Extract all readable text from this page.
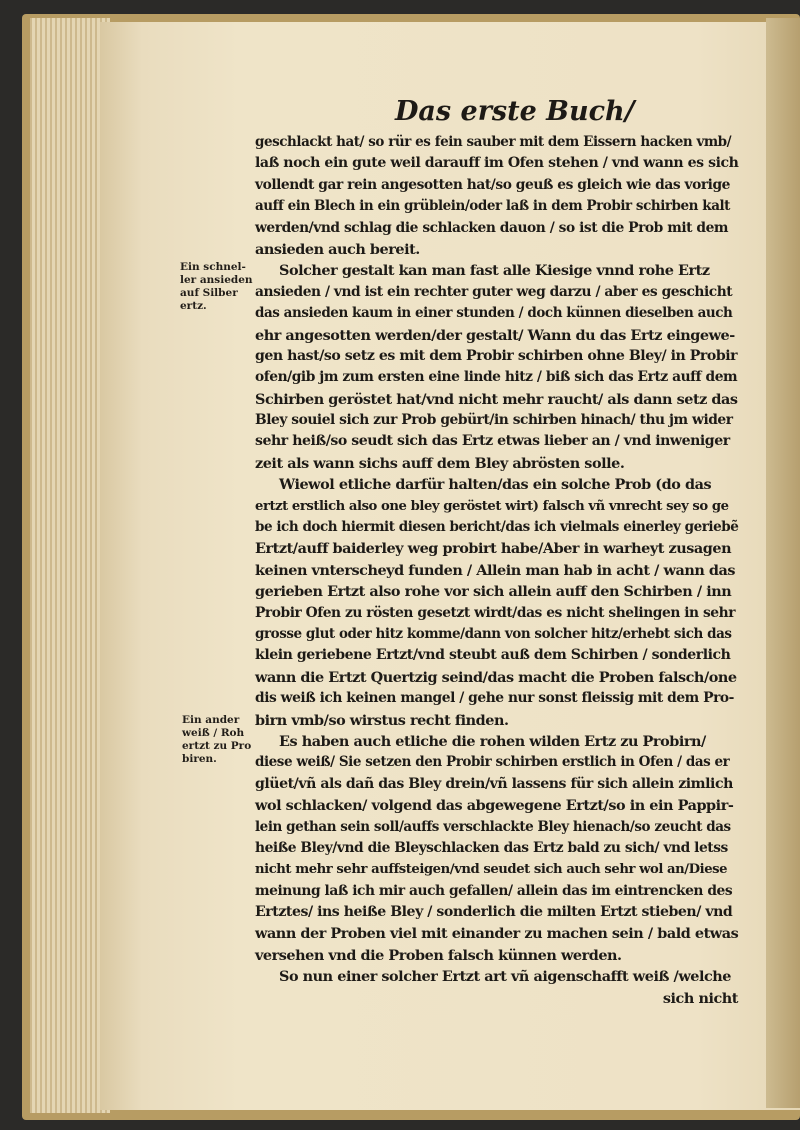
Das erste Buch/
Ein schnel-
ler ansieden
auf Silber
ertz.
Ein ander
weiß / Roh
ertzt zu Pro
biren.

geschlackt hat/ so rür es fein sauber mit dem Eissern hacken vmb/

laß noch ein gute weil darauff im Ofen stehen / vnd wann es sich

vollendt gar rein angesotten hat/so geuß es gleich wie das vorige

auff ein Blech in ein grüblein/oder laß in dem Probir schirben kalt

werden/vnd schlag die schlacken dauon / so ist die Prob mit dem

ansieden auch bereit.

Solcher gestalt kan man fast alle Kiesige vnnd rohe Ertz

ansieden / vnd ist ein rechter guter weg darzu / aber es geschicht

das ansieden kaum in einer stunden / doch künnen dieselben auch

ehr angesotten werden/der gestalt/ Wann du das Ertz eingewe-

gen hast/so setz es mit dem Probir schirben ohne Bley/ in Probir

ofen/gib jm zum ersten eine linde hitz / biß sich das Ertz auff dem

Schirben geröstet hat/vnd nicht mehr raucht/ als dann setz das

Bley souiel sich zur Prob gebürt/in schirben hinach/ thu jm wider

sehr heiß/so seudt sich das Ertz etwas lieber an / vnd inweniger

zeit als wann sichs auff dem Bley abrösten solle.

Wiewol etliche darfür halten/das ein solche Prob (do das

ertzt erstlich also one bley geröstet wirt) falsch vñ vnrecht sey so ge

be ich doch hiermit diesen bericht/das ich vielmals einerley geriebẽ

Ertzt/auff baiderley weg probirt habe/Aber in warheyt zusagen

keinen vnterscheyd funden / Allein man hab in acht / wann das

gerieben Ertzt also rohe vor sich allein auff den Schirben / inn

Probir Ofen zu rösten gesetzt wirdt/das es nicht shelingen in sehr

grosse glut oder hitz komme/dann von solcher hitz/erhebt sich das

klein geriebene Ertzt/vnd steubt auß dem Schirben / sonderlich

wann die Ertzt Quertzig seind/das macht die Proben falsch/one

dis weiß ich keinen mangel / gehe nur sonst fleissig mit dem Pro-

birn vmb/so wirstus recht finden.

Es haben auch etliche die rohen wilden Ertz zu Probirn/

diese weiß/ Sie setzen den Probir schirben erstlich in Ofen / das er

glüet/vñ als dañ das Bley drein/vñ lassens für sich allein zimlich

wol schlacken/ volgend das abgewegene Ertzt/so in ein Pappir-

lein gethan sein soll/auffs verschlackte Bley hienach/so zeucht das

heiße Bley/vnd die Bleyschlacken das Ertz bald zu sich/ vnd letss

nicht mehr sehr auffsteigen/vnd seudet sich auch sehr wol an/Diese

meinung laß ich mir auch gefallen/ allein das im eintrencken des

Ertztes/ ins heiße Bley / sonderlich die milten Ertzt stieben/ vnd

wann der Proben viel mit einander zu machen sein / bald etwas

versehen vnd die Proben falsch künnen werden.

So nun einer solcher Ertzt art vñ aigenschafft weiß /welche

sich nicht
